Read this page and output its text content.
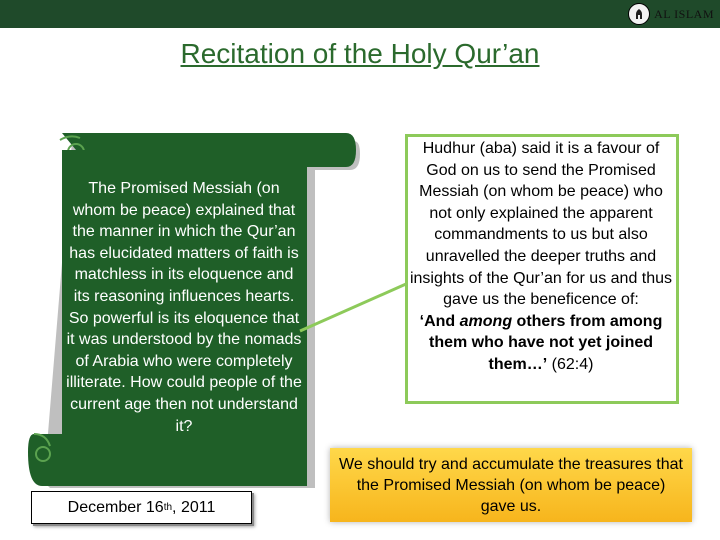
AL ISLAM
Recitation of the Holy Qur’an
The Promised Messiah (on whom be peace) explained that the manner in which the Qur’an has elucidated matters of faith is matchless in its eloquence and its reasoning influences hearts. So powerful is its eloquence that it was understood by the nomads of Arabia who were completely illiterate. How could people of the current age then not understand it?
December 16 th , 2011
Hudhur (aba) said it is a favour of God on us to send the Promised Messiah (on whom be peace) who not only explained the apparent commandments to us but also unravelled the deeper truths and insights of the Qur’an for us and thus gave us the beneficence of:
‘And among others from among them who have not yet joined them…’ (62:4)
We should try and accumulate the treasures that the Promised Messiah (on whom be peace) gave us.
